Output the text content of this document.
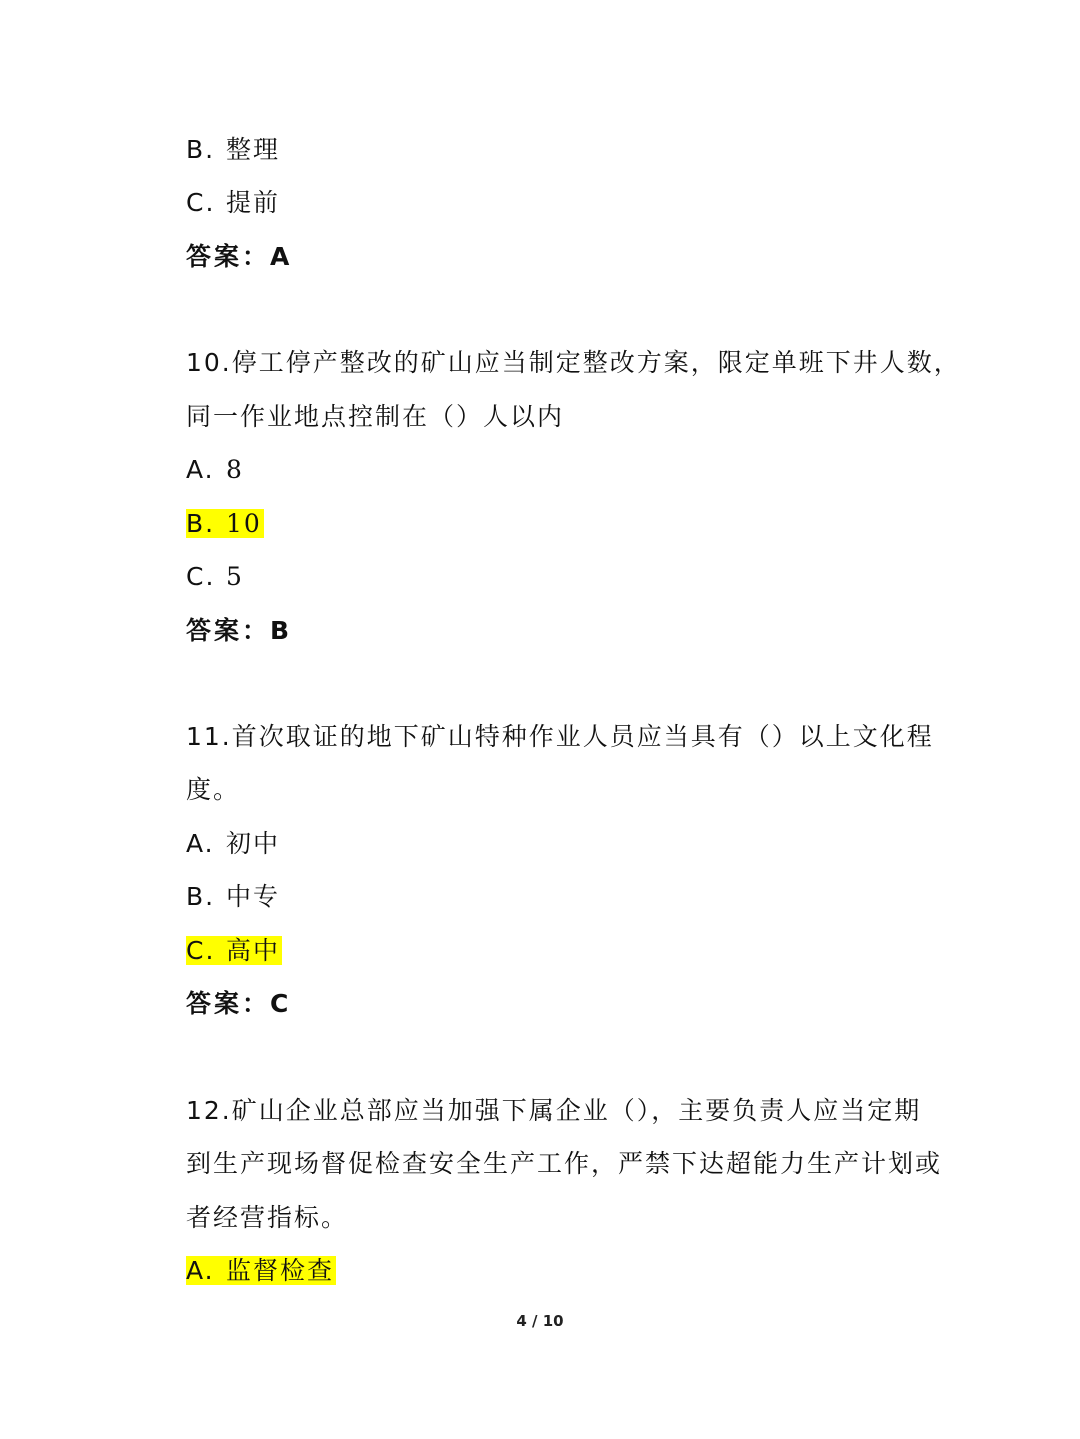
B. 整理
C. 提前
答案：A
10.停工停产整改的矿山应当制定整改方案，限定单班下井人数，
同一作业地点控制在（）人以内
A. 8
B. 10
C. 5
答案：B
11.首次取证的地下矿山特种作业人员应当具有（）以上文化程
度。
A. 初中
B. 中专
C. 高中
答案：C
12.矿山企业总部应当加强下属企业（），主要负责人应当定期
到生产现场督促检查安全生产工作，严禁下达超能力生产计划或
者经营指标。
A. 监督检查
4 / 10
